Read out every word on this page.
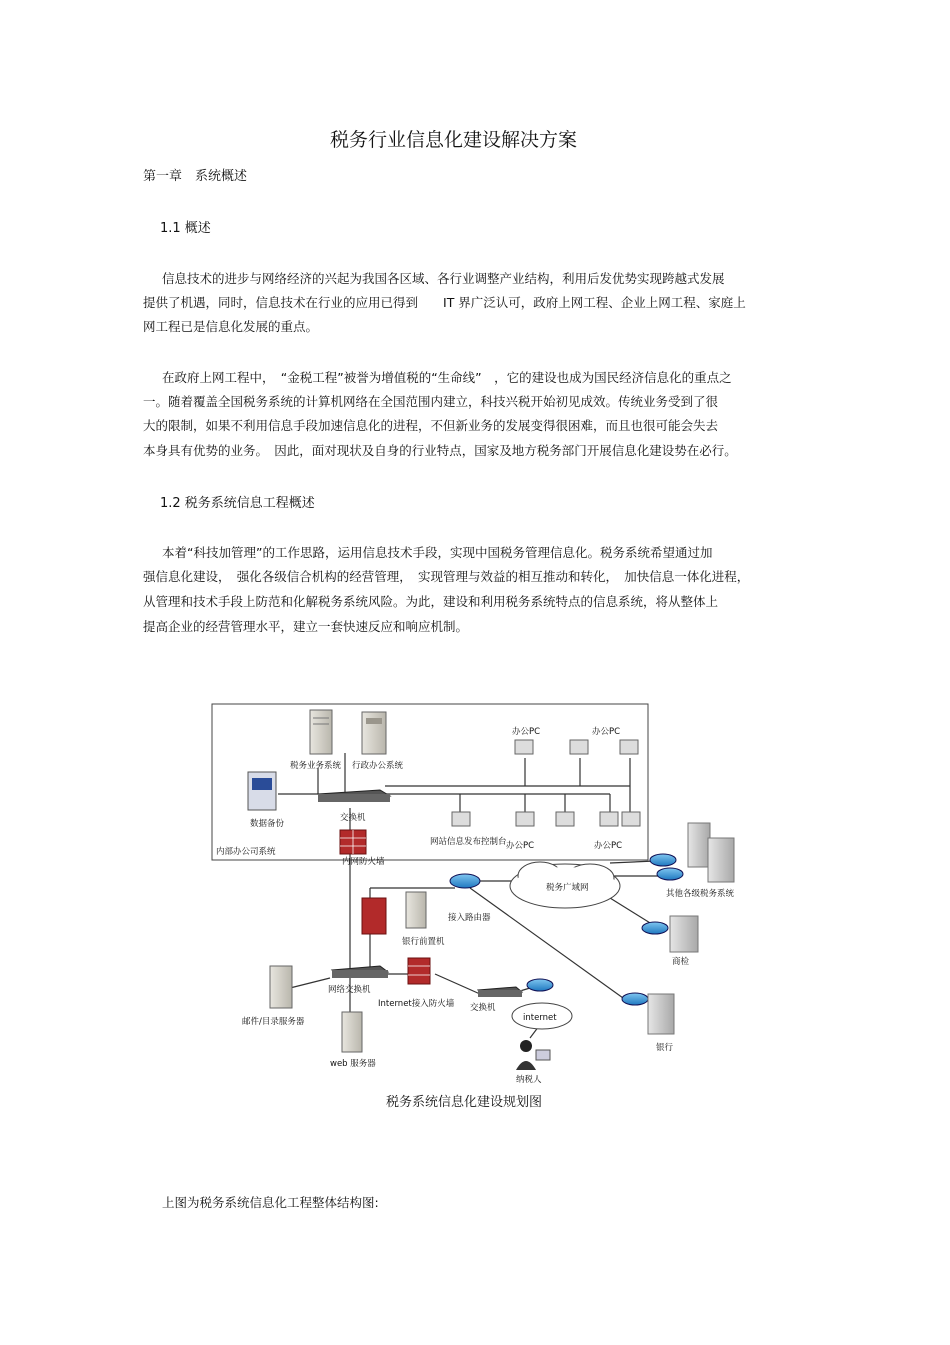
税务行业信息化建设解决方案
第一章　系统概述
1.1 概述
信息技术的进步与网络经济的兴起为我国各区域、各行业调整产业结构，利用后发优势实现跨越式发展
提供了机遇，同时，信息技术在行业的应用已得到　　IT 界广泛认可，政府上网工程、企业上网工程、家庭上
网工程已是信息化发展的重点。
在政府上网工程中，　“金税工程”被誉为增值税的“生命线”　，它的建设也成为国民经济信息化的重点之
一。随着覆盖全国税务系统的计算机网络在全国范围内建立，科技兴税开始初见成效。传统业务受到了很
大的限制，如果不利用信息手段加速信息化的进程，不但新业务的发展变得很困难，而且也很可能会失去
本身具有优势的业务。　因此，面对现状及自身的行业特点，国家及地方税务部门开展信息化建设势在必行。
1.2 税务系统信息工程概述
本着“科技加管理”的工作思路，运用信息技术手段，实现中国税务管理信息化。税务系统希望通过加
强信息化建设，　强化各级信合机构的经营管理，　实现管理与效益的相互推动和转化，　加快信息一体化进程，
从管理和技术手段上防范和化解税务系统风险。为此，建设和利用税务系统特点的信息系统，将从整体上
提高企业的经营管理水平，建立一套快速反应和响应机制。
税务业务系统 行政办公系统
数据备份
交换机
内部办公司系统
内网防火墙
办公PC	办公PC
办公PC	办公PC
网站信息发布控制台
税务广域网
其他各级税务系统
商检
接入路由器
银行前置机
网络交换机
Internet接入防火墙 交换机
internet
邮件/目录服务器
web 服务器
银行
纳税人
税务系统信息化建设规划图
上图为税务系统信息化工程整体结构图:
